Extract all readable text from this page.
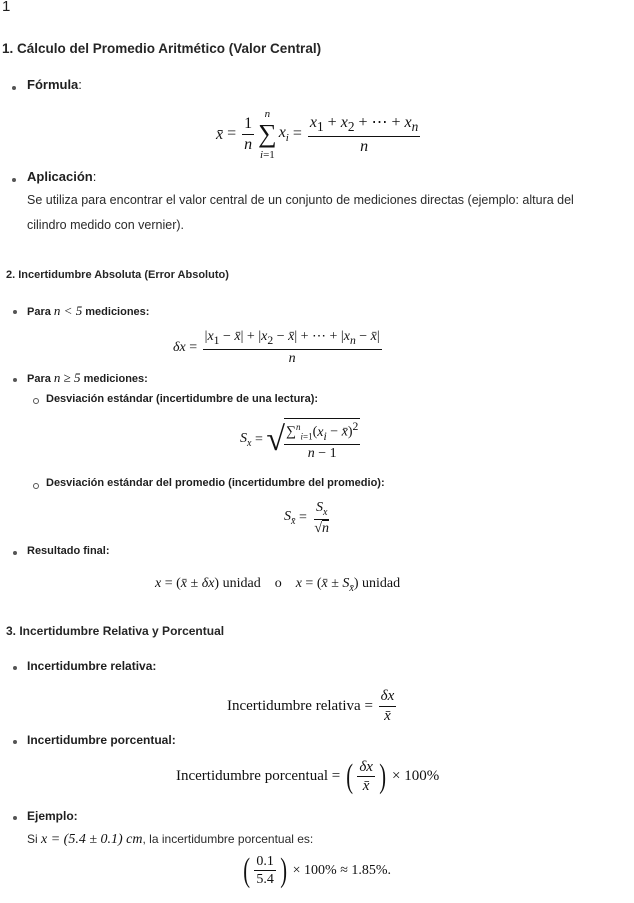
1
1. Cálculo del Promedio Aritmético (Valor Central)
Fórmula:
x̄ = $\frac{1}{n}$
n
∑
i=1
$x_i = \frac{x_1 + x_2 + \cdots + x_n}{n}$
Aplicación:
Se utiliza para encontrar el valor central de un conjunto de mediciones directas (ejemplo: altura del
cilindro medido con vernier).
2. Incertidumbre Absoluta (Error Absoluto)
Para n < 5 mediciones:
$\delta x = \frac{|x_1 - x̄| + |x_2 - x̄| + \cdots + |x_n - x̄|}{n}$
Para n ≥ 5 mediciones:
Desviación estándar (incertidumbre de una lectura):
$S_x$ = √ $\frac{\sum^n_{i=1}(x_i - x̄)^2}{n - 1}$
Desviación estándar del promedio (incertidumbre del promedio):
$S_{x̄} = \frac{S_x}{√n}$
Resultado final:
x = (x̄ ± δx) unidad o x = (x̄ ± $S_{x̄}$) unidad
3. Incertidumbre Relativa y Porcentual
Incertidumbre relativa:
Incertidumbre relativa = $\frac{\delta x}{x̄}$
Incertidumbre porcentual:
Incertidumbre porcentual = ( $\frac{\delta x}{x̄}$ )
× 100%
Ejemplo:
Si x = (5.4 ± 0.1) cm, la incertidumbre porcentual es:
( $\frac{0.1}{5.4}$ )
× 100% ≈ 1.85%.
